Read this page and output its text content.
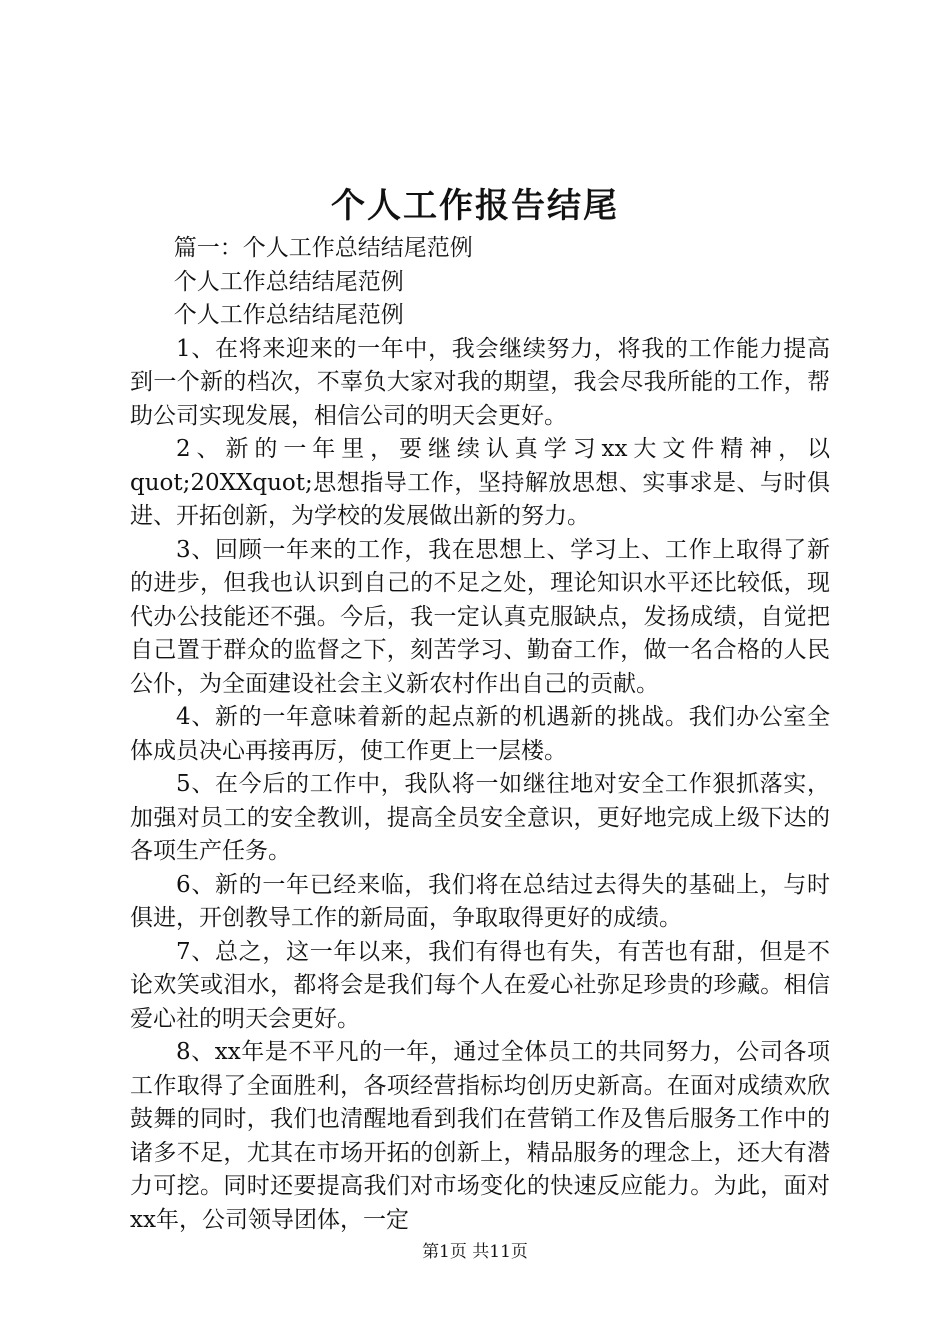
个人工作报告结尾

篇一：个人工作总结结尾范例

个人工作总结结尾范例

个人工作总结结尾范例

1、在将来迎来的一年中，我会继续努力，将我的工作能力提高到一个新的档次，不辜负大家对我的期望，我会尽我所能的工作，帮助公司实现发展，相信公司的明天会更好。

2、新的一年里，要继续认真学习xx大文件精神，以quot;20XXquot;思想指导工作，坚持解放思想、实事求是、与时俱进、开拓创新，为学校的发展做出新的努力。

3、回顾一年来的工作，我在思想上、学习上、工作上取得了新的进步，但我也认识到自己的不足之处，理论知识水平还比较低，现代办公技能还不强。今后，我一定认真克服缺点，发扬成绩，自觉把自己置于群众的监督之下，刻苦学习、勤奋工作，做一名合格的人民公仆，为全面建设社会主义新农村作出自己的贡献。

4、新的一年意味着新的起点新的机遇新的挑战。我们办公室全体成员决心再接再厉，使工作更上一层楼。

5、在今后的工作中，我队将一如继往地对安全工作狠抓落实，加强对员工的安全教训，提高全员安全意识，更好地完成上级下达的各项生产任务。

6、新的一年已经来临，我们将在总结过去得失的基础上，与时俱进，开创教导工作的新局面，争取取得更好的成绩。

7、总之，这一年以来，我们有得也有失，有苦也有甜，但是不论欢笑或泪水，都将会是我们每个人在爱心社弥足珍贵的珍藏。相信爱心社的明天会更好。

8、xx年是不平凡的一年，通过全体员工的共同努力，公司各项工作取得了全面胜利，各项经营指标均创历史新高。在面对成绩欢欣鼓舞的同时，我们也清醒地看到我们在营销工作及售后服务工作中的诸多不足，尤其在市场开拓的创新上，精品服务的理念上，还大有潜力可挖。同时还要提高我们对市场变化的快速反应能力。为此，面对xx年，公司领导团体，一定

第1页 共11页
